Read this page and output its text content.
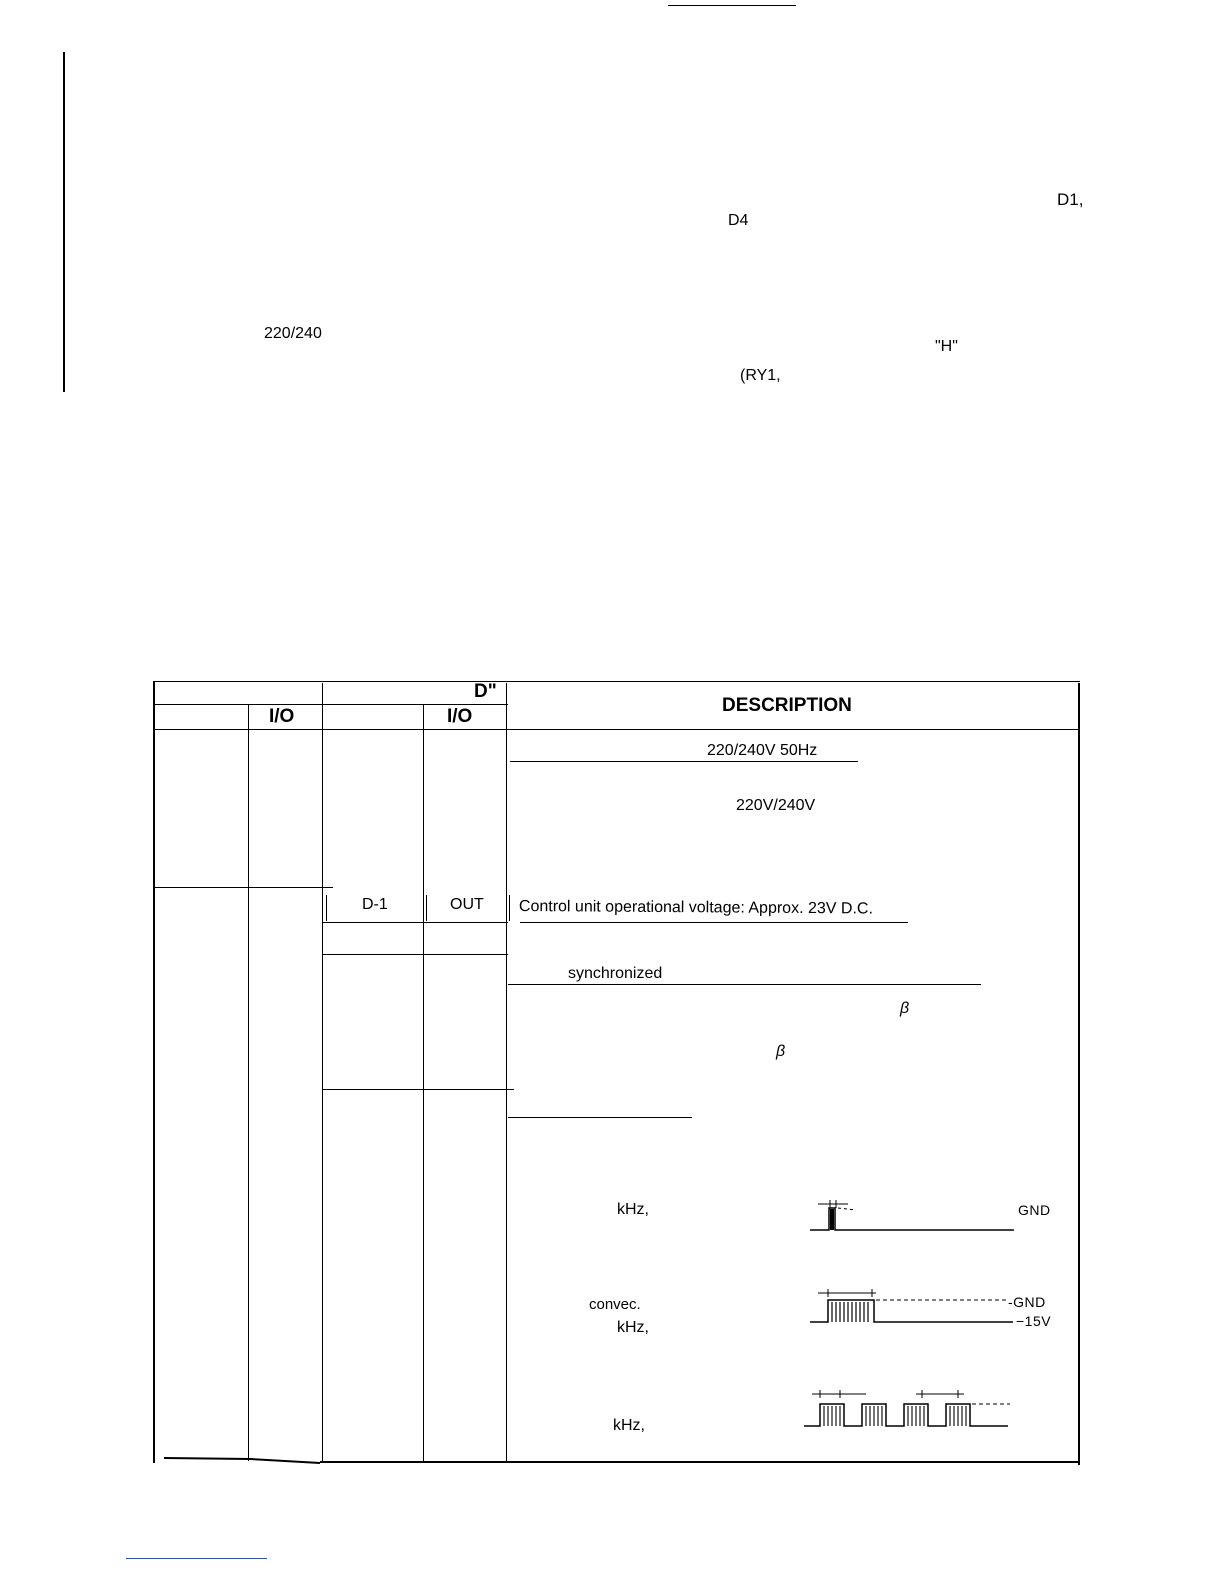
D1,
D4
220/240
"H"
(RY1,
D"
I/O	I/O
DESCRIPTION
D-1	OUT
220/240V 50Hz
220V/240V
Control unit operational voltage: Approx. 23V D.C.
synchronized
β
β
kHz,
convec.
kHz,
kHz,
GND
-GND
−15V
